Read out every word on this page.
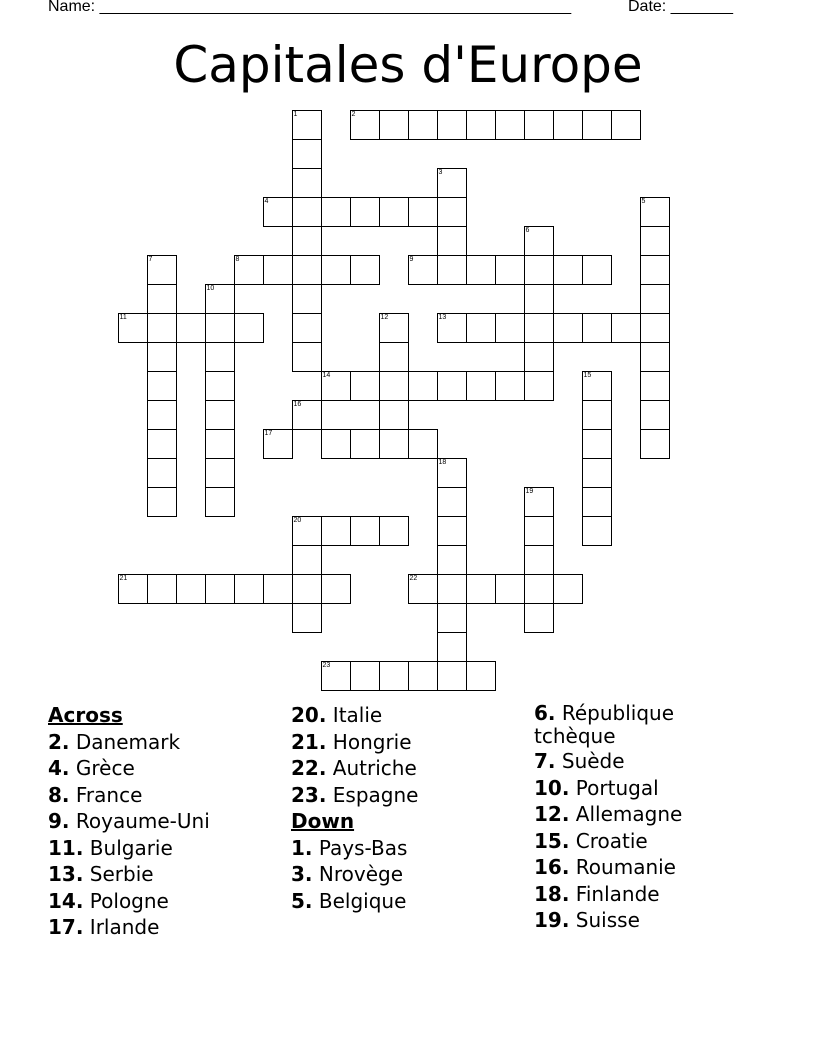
Name: _____________________________________________________	Date: _______
Capitales d'Europe
1	2
3
4	5
6
7	8	9
10
11	12	13
14	15
16
17
18
19
20
21	22
23
Across
2. Danemark
4. Grèce
8. France
9. Royaume-Uni
11. Bulgarie
13. Serbie
14. Pologne
17. Irlande
20. Italie
21. Hongrie
22. Autriche
23. Espagne
Down
1. Pays-Bas
3. Nrovège
5. Belgique
6. République
tchèque
7. Suède
10. Portugal
12. Allemagne
15. Croatie
16. Roumanie
18. Finlande
19. Suisse
